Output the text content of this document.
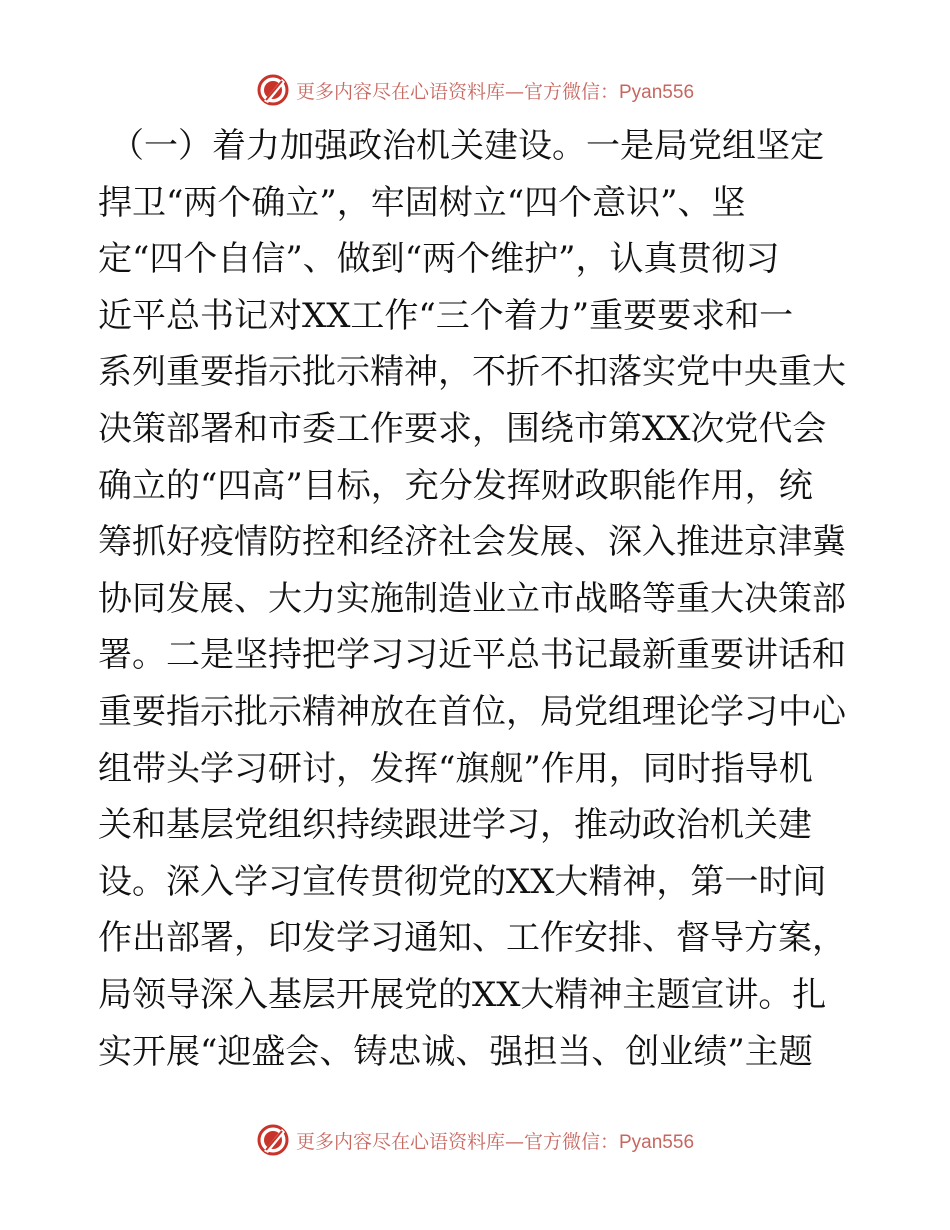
更多内容尽在心语资料库—官方微信：Pyan556
（一）着力加强政治机关建设。一是局党组坚定
捍卫“两个确立”，牢固树立“四个意识”、坚
定“四个自信”、做到“两个维护”，认真贯彻习
近平总书记对XX工作“三个着力”重要要求和一
系列重要指示批示精神，不折不扣落实党中央重大
决策部署和市委工作要求，围绕市第XX次党代会
确立的“四高”目标，充分发挥财政职能作用，统
筹抓好疫情防控和经济社会发展、深入推进京津冀
协同发展、大力实施制造业立市战略等重大决策部
署。二是坚持把学习习近平总书记最新重要讲话和
重要指示批示精神放在首位，局党组理论学习中心
组带头学习研讨，发挥“旗舰”作用，同时指导机
关和基层党组织持续跟进学习，推动政治机关建
设。深入学习宣传贯彻党的XX大精神，第一时间
作出部署，印发学习通知、工作安排、督导方案，
局领导深入基层开展党的XX大精神主题宣讲。扎
实开展“迎盛会、铸忠诚、强担当、创业绩”主题
更多内容尽在心语资料库—官方微信：Pyan556
